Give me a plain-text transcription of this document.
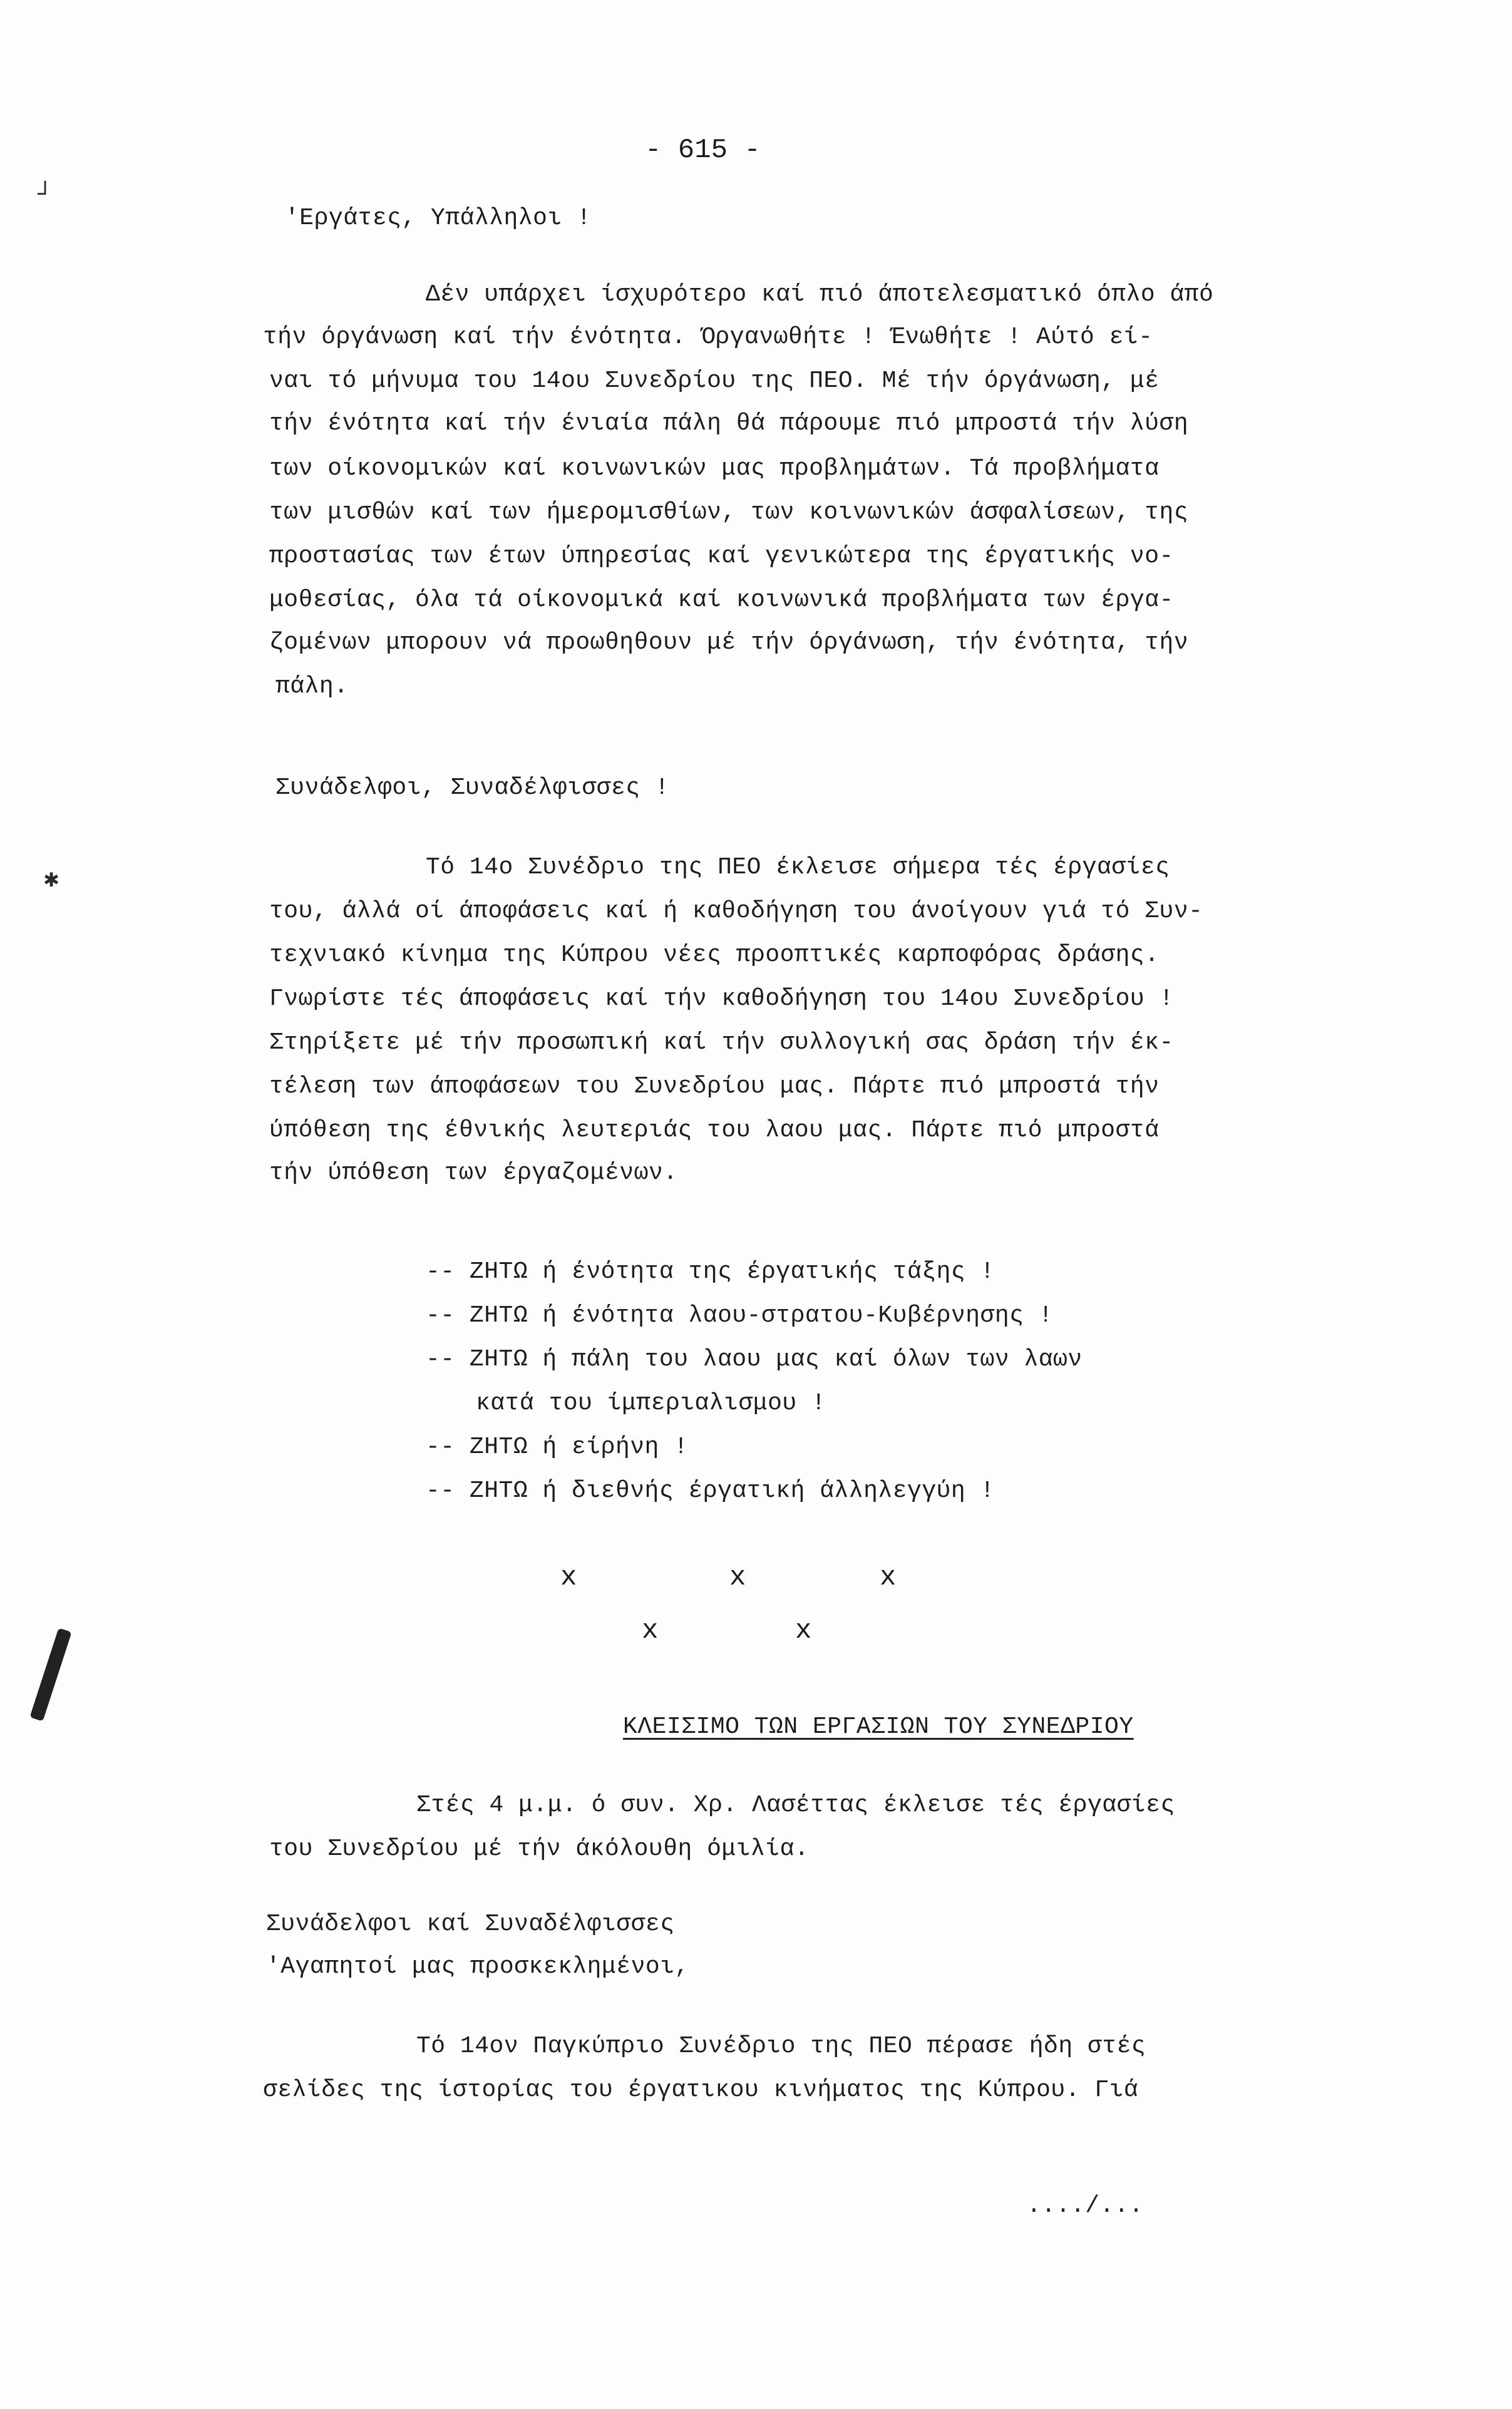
- 615 -
┘
✱
'Εργάτες, Υπάλληλοι !
Δέν υπάρχει ίσχυρότερο καί πιό άποτελεσματικό όπλο άπό
τήν όργάνωση καί τήν ένότητα. Όργανωθήτε ! Ένωθήτε ! Αύτό εί-
ναι τό μήνυμα του 14ου Συνεδρίου της ΠΕΟ. Μέ τήν όργάνωση, μέ
τήν ένότητα καί τήν ένιαία πάλη θά πάρουμε πιό μπροστά τήν λύση
των οίκονομικών καί κοινωνικών μας προβλημάτων. Τά προβλήματα
των μισθών καί των ήμερομισθίων, των κοινωνικών άσφαλίσεων, της
προστασίας των έτων ύπηρεσίας καί γενικώτερα της έργατικής νο-
μοθεσίας, όλα τά οίκονομικά καί κοινωνικά προβλήματα των έργα-
ζομένων μπορουν νά προωθηθουν μέ τήν όργάνωση, τήν ένότητα, τήν
πάλη.
Συνάδελφοι, Συναδέλφισσες !
Τό 14ο Συνέδριο της ΠΕΟ έκλεισε σήμερα τές έργασίες
του, άλλά οί άποφάσεις καί ή καθοδήγηση του άνοίγουν γιά τό Συν-
τεχνιακό κίνημα της Κύπρου νέες προοπτικές καρποφόρας δράσης.
Γνωρίστε τές άποφάσεις καί τήν καθοδήγηση του 14ου Συνεδρίου !
Στηρίξετε μέ τήν προσωπική καί τήν συλλογική σας δράση τήν έκ-
τέλεση των άποφάσεων του Συνεδρίου μας. Πάρτε πιό μπροστά τήν
ύπόθεση της έθνικής λευτεριάς του λαου μας. Πάρτε πιό μπροστά
τήν ύπόθεση των έργαζομένων.
-- ΖΗΤΩ ή ένότητα της έργατικής τάξης !
-- ΖΗΤΩ ή ένότητα λαου-στρατου-Κυβέρνησης !
-- ΖΗΤΩ ή πάλη του λαου μας καί όλων των λαων
κατά του ίμπεριαλισμου !
-- ΖΗΤΩ ή είρήνη !
-- ΖΗΤΩ ή διεθνής έργατική άλληλεγγύη !
x	x	x
x	x
ΚΛΕΙΣΙΜΟ ΤΩΝ ΕΡΓΑΣΙΩΝ ΤΟΥ ΣΥΝΕΔΡΙΟΥ
Στές 4 μ.μ. ό συν. Χρ. Λασέττας έκλεισε τές έργασίες
του Συνεδρίου μέ τήν άκόλουθη όμιλία.
Συνάδελφοι καί Συναδέλφισσες
'Αγαπητοί μας προσκεκλημένοι,
Τό 14ον Παγκύπριο Συνέδριο της ΠΕΟ πέρασε ήδη στές
σελίδες της ίστορίας του έργατικου κινήματος της Κύπρου. Γιά
..../...
